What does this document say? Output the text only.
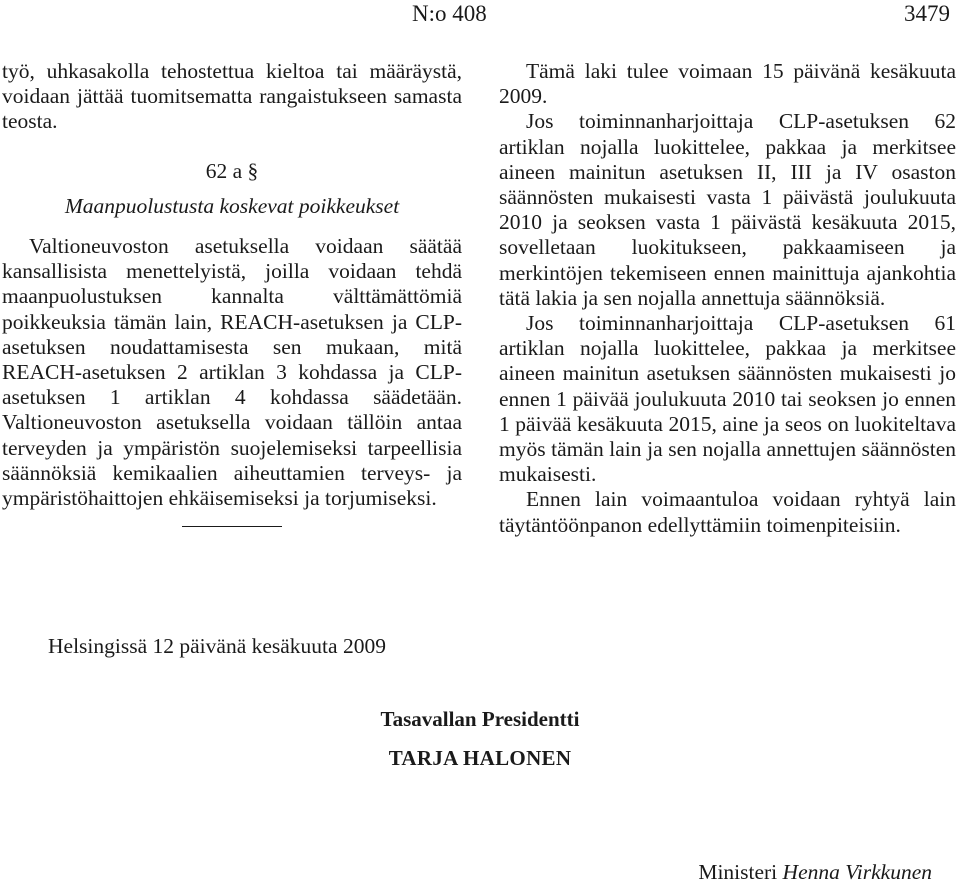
N:o 408	3479

työ, uhkasakolla tehostettua kieltoa tai määräystä, voidaan jättää tuomitsematta rangaistukseen samasta teosta.

62 a §

Maanpuolustusta koskevat poikkeukset

Valtioneuvoston asetuksella voidaan säätää kansallisista menettelyistä, joilla voidaan tehdä maanpuolustuksen kannalta välttämättömiä poikkeuksia tämän lain, REACH-asetuksen ja CLP-asetuksen noudattamisesta sen mukaan, mitä REACH-asetuksen 2 artiklan 3 kohdassa ja CLP-asetuksen 1 artiklan 4 kohdassa säädetään. Valtioneuvoston asetuksella voidaan tällöin antaa terveyden ja ympäristön suojelemiseksi tarpeellisia säännöksiä kemikaalien aiheuttamien terveys- ja ympäristöhaittojen ehkäisemiseksi ja torjumiseksi.

Tämä laki tulee voimaan 15 päivänä kesäkuuta 2009.

Jos toiminnanharjoittaja CLP-asetuksen 62 artiklan nojalla luokittelee, pakkaa ja merkitsee aineen mainitun asetuksen II, III ja IV osaston säännösten mukaisesti vasta 1 päivästä joulukuuta 2010 ja seoksen vasta 1 päivästä kesäkuuta 2015, sovelletaan luokitukseen, pakkaamiseen ja merkintöjen tekemiseen ennen mainittuja ajankohtia tätä lakia ja sen nojalla annettuja säännöksiä.

Jos toiminnanharjoittaja CLP-asetuksen 61 artiklan nojalla luokittelee, pakkaa ja merkitsee aineen mainitun asetuksen säännösten mukaisesti jo ennen 1 päivää joulukuuta 2010 tai seoksen jo ennen 1 päivää kesäkuuta 2015, aine ja seos on luokiteltava myös tämän lain ja sen nojalla annettujen säännösten mukaisesti.

Ennen lain voimaantuloa voidaan ryhtyä lain täytäntöönpanon edellyttämiin toimenpiteisiin.

Helsingissä 12 päivänä kesäkuuta 2009
Tasavallan Presidentti
TARJA HALONEN
Ministeri Henna Virkkunen
